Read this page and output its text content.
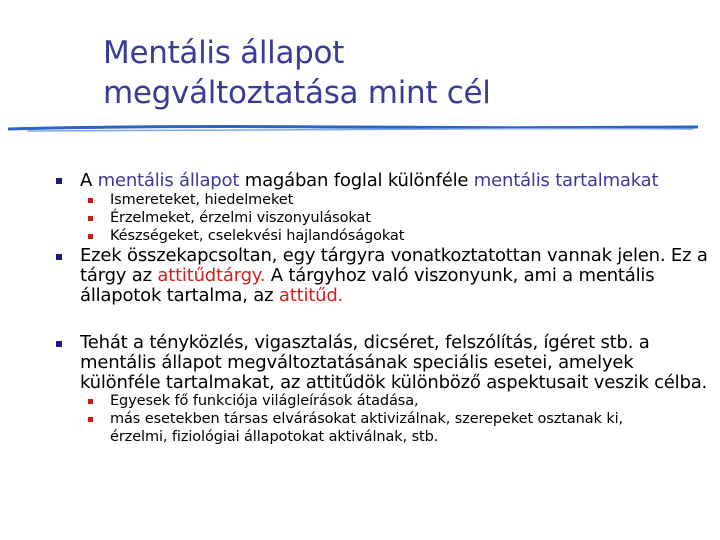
Mentális állapot
megváltoztatása mint cél
A mentális állapot magában foglal különféle mentális tartalmakat
Ismereteket, hiedelmeket
Érzelmeket, érzelmi viszonyulásokat
Készségeket, cselekvési hajlandóságokat
Ezek összekapcsoltan, egy tárgyra vonatkoztatottan vannak jelen. Ez a
tárgy az attitűdtárgy. A tárgyhoz való viszonyunk, ami a mentális
állapotok tartalma, az attitűd.
Tehát a tényközlés, vigasztalás, dicséret, felszólítás, ígéret stb. a
mentális állapot megváltoztatásának speciális esetei, amelyek
különféle tartalmakat, az attitűdök különböző aspektusait veszik célba.
Egyesek fő funkciója világleírások átadása,
más esetekben társas elvárásokat aktivizálnak, szerepeket osztanak ki,
érzelmi, fiziológiai állapotokat aktiválnak, stb.
